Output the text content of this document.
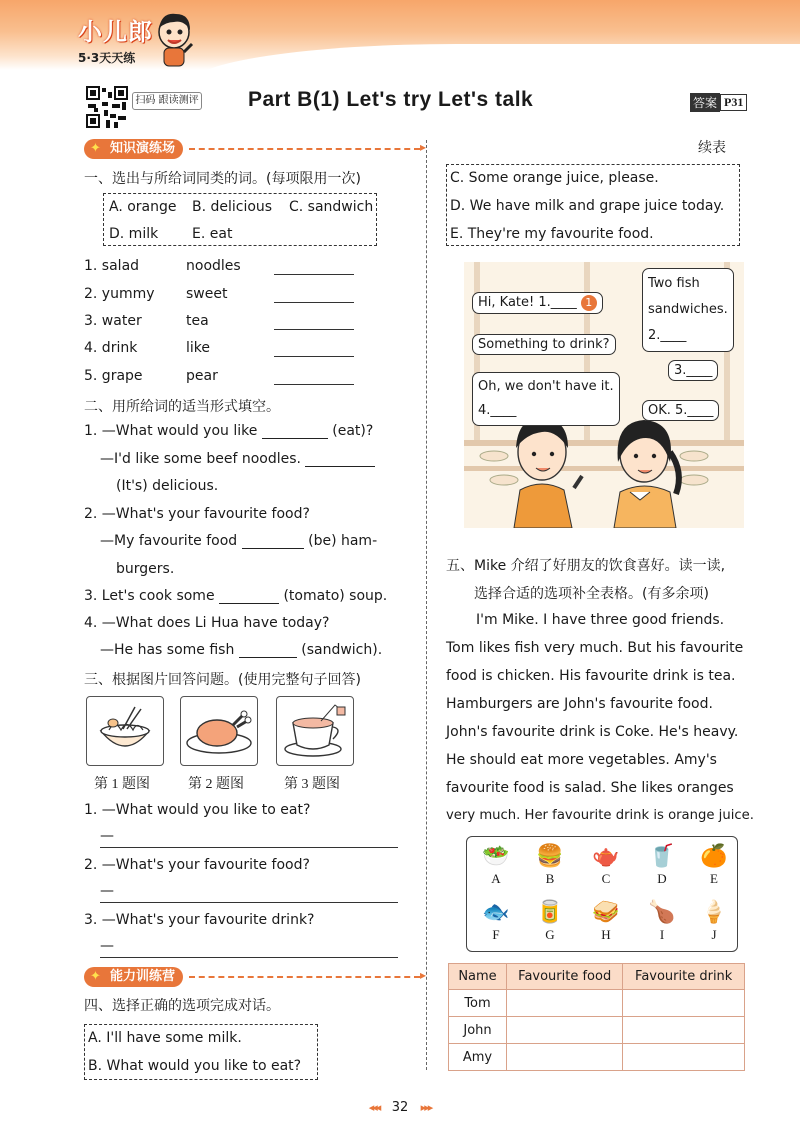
小儿郎
5·3天天练
扫码 跟读测评 Part B(1) Let's try Let's talk	答案 P31
✦ 知识演练场
▸
一、选出与所给词同类的词。(每项限用一次)
A. orange B. delicious C. sandwich
D. milk E. eat
1. salad	noodles
2. yummy sweet
3. water	tea
4. drink	like
5. grape	pear
二、用所给词的适当形式填空。
1. —What would you like	(eat)?
—I'd like some beef noodles.
(It's) delicious.
2. —What's your favourite food?
—My favourite food	(be) ham-
burgers.
3. Let's cook some	(tomato) soup.
4. —What does Li Hua have today?
—He has some fish	(sandwich).
三、根据图片回答问题。(使用完整句子回答)
第 1 题图	第 2 题图	第 3 题图
1. —What would you like to eat?
—
2. —What's your favourite food?
—
3. —What's your favourite drink?
—
✦ 能力训练营
▸
四、选择正确的选项完成对话。
A. I'll have some milk.
B. What would you like to eat?
续表
C. Some orange juice, please.
D. We have milk and grape juice today.
E. They're my favourite food.
Hi, Kate! 1.____ 1
Something to drink?
Oh, we don't have it.
4.____
Two fish
sandwiches.
2.____
3.____
OK. 5.____
五、Mike 介绍了好朋友的饮食喜好。读一读,
选择合适的选项补全表格。(有多余项)
I'm Mike. I have three good friends.
Tom likes fish very much. But his favourite
food is chicken. His favourite drink is tea.
Hamburgers are John's favourite food.
John's favourite drink is Coke. He's heavy.
He should eat more vegetables. Amy's
favourite food is salad. She likes oranges
very much. Her favourite drink is orange juice.
🥗
A
🍔
B
🫖
C
🥤
D
🍊
E
🐟
F
🥫
G
🥪
H
🍗
I
🍦
J
Name	Favourite food	Favourite drink
Tom		
John		
Amy		
◂◂◂ 32 ▸▸▸
